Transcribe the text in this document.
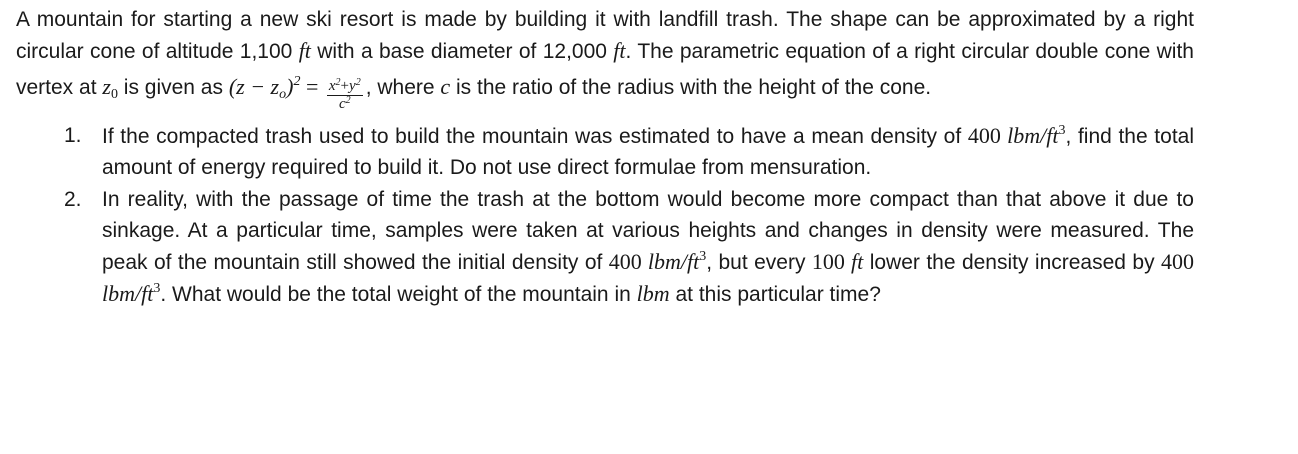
A mountain for starting a new ski resort is made by building it with landfill trash. The shape can be approximated by a right circular cone of altitude 1,100 ft with a base diameter of 12,000 ft. The parametric equation of a right circular double cone with vertex at $z_0$ is given as $(z - z_o)^2 = \frac{x^2+y^2}{c^2}$ , where c is the ratio of the radius with the height of the cone.

1. If the compacted trash used to build the mountain was estimated to have a mean density of 400 lbm/$ft^3$, find the total amount of energy required to build it. Do not use direct formulae from mensuration.
2. In reality, with the passage of time the trash at the bottom would become more compact than that above it due to sinkage. At a particular time, samples were taken at various heights and changes in density were measured. The peak of the mountain still showed the initial density of 400 lbm/$ft^3$, but every 100 ft lower the density increased by 400 lbm/$ft^3$. What would be the total weight of the mountain in lbm at this particular time?
